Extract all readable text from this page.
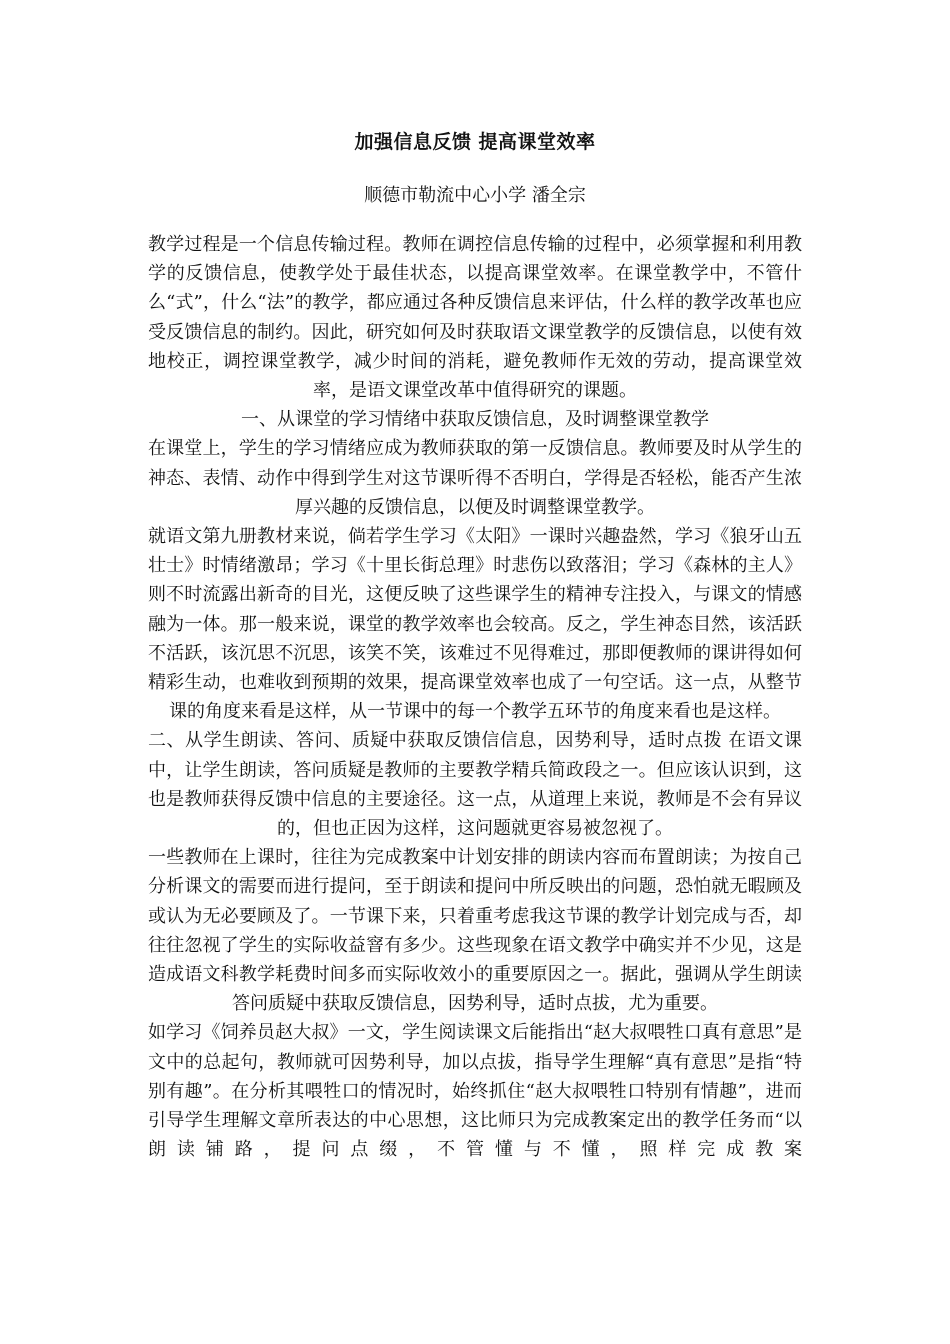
加强信息反馈 提高课堂效率
顺德市勒流中心小学 潘全宗

教学过程是一个信息传输过程。教师在调控信息传输的过程中，必须掌握和利用教学的反馈信息，使教学处于最佳状态，以提高课堂效率。在课堂教学中，不管什么“式”，什么“法”的教学，都应通过各种反馈信息来评估，什么样的教学改革也应受反馈信息的制约。因此，研究如何及时获取语文课堂教学的反馈信息，以使有效地校正，调控课堂教学，减少时间的消耗，避免教师作无效的劳动，提高课堂效率，是语文课堂改革中值得研究的课题。

一、从课堂的学习情绪中获取反馈信息，及时调整课堂教学

在课堂上，学生的学习情绪应成为教师获取的第一反馈信息。教师要及时从学生的神态、表情、动作中得到学生对这节课听得不否明白，学得是否轻松，能否产生浓厚兴趣的反馈信息，以便及时调整课堂教学。

就语文第九册教材来说，倘若学生学习《太阳》一课时兴趣盎然，学习《狼牙山五壮士》时情绪激昂；学习《十里长街总理》时悲伤以致落泪；学习《森林的主人》则不时流露出新奇的目光，这便反映了这些课学生的精神专注投入，与课文的情感融为一体。那一般来说，课堂的教学效率也会较高。反之，学生神态目然，该活跃不活跃，该沉思不沉思，该笑不笑，该难过不见得难过，那即便教师的课讲得如何精彩生动，也难收到预期的效果，提高课堂效率也成了一句空话。这一点，从整节课的角度来看是这样，从一节课中的每一个教学五环节的角度来看也是这样。

二、从学生朗读、答问、质疑中获取反馈信信息，因势利导，适时点拨 在语文课中，让学生朗读，答问质疑是教师的主要教学精兵简政段之一。但应该认识到，这也是教师获得反馈中信息的主要途径。这一点，从道理上来说，教师是不会有异议的，但也正因为这样，这问题就更容易被忽视了。

一些教师在上课时，往往为完成教案中计划安排的朗读内容而布置朗读；为按自己分析课文的需要而进行提问，至于朗读和提问中所反映出的问题，恐怕就无暇顾及或认为无必要顾及了。一节课下来，只着重考虑我这节课的教学计划完成与否，却往往忽视了学生的实际收益窨有多少。这些现象在语文教学中确实并不少见，这是造成语文科教学耗费时间多而实际收效小的重要原因之一。据此，强调从学生朗读答问质疑中获取反馈信息，因势利导，适时点拔，尤为重要。

如学习《饲养员赵大叔》一文，学生阅读课文后能指出“赵大叔喂牲口真有意思”是文中的总起句，教师就可因势利导，加以点拔，指导学生理解“真有意思”是指“特别有趣”。在分析其喂牲口的情况时，始终抓住“赵大叔喂牲口特别有情趣”，进而引导学生理解文章所表达的中心思想，这比师只为完成教案定出的教学任务而“以朗读铺路，提问点缀，不管懂与不懂，照样完成教案
